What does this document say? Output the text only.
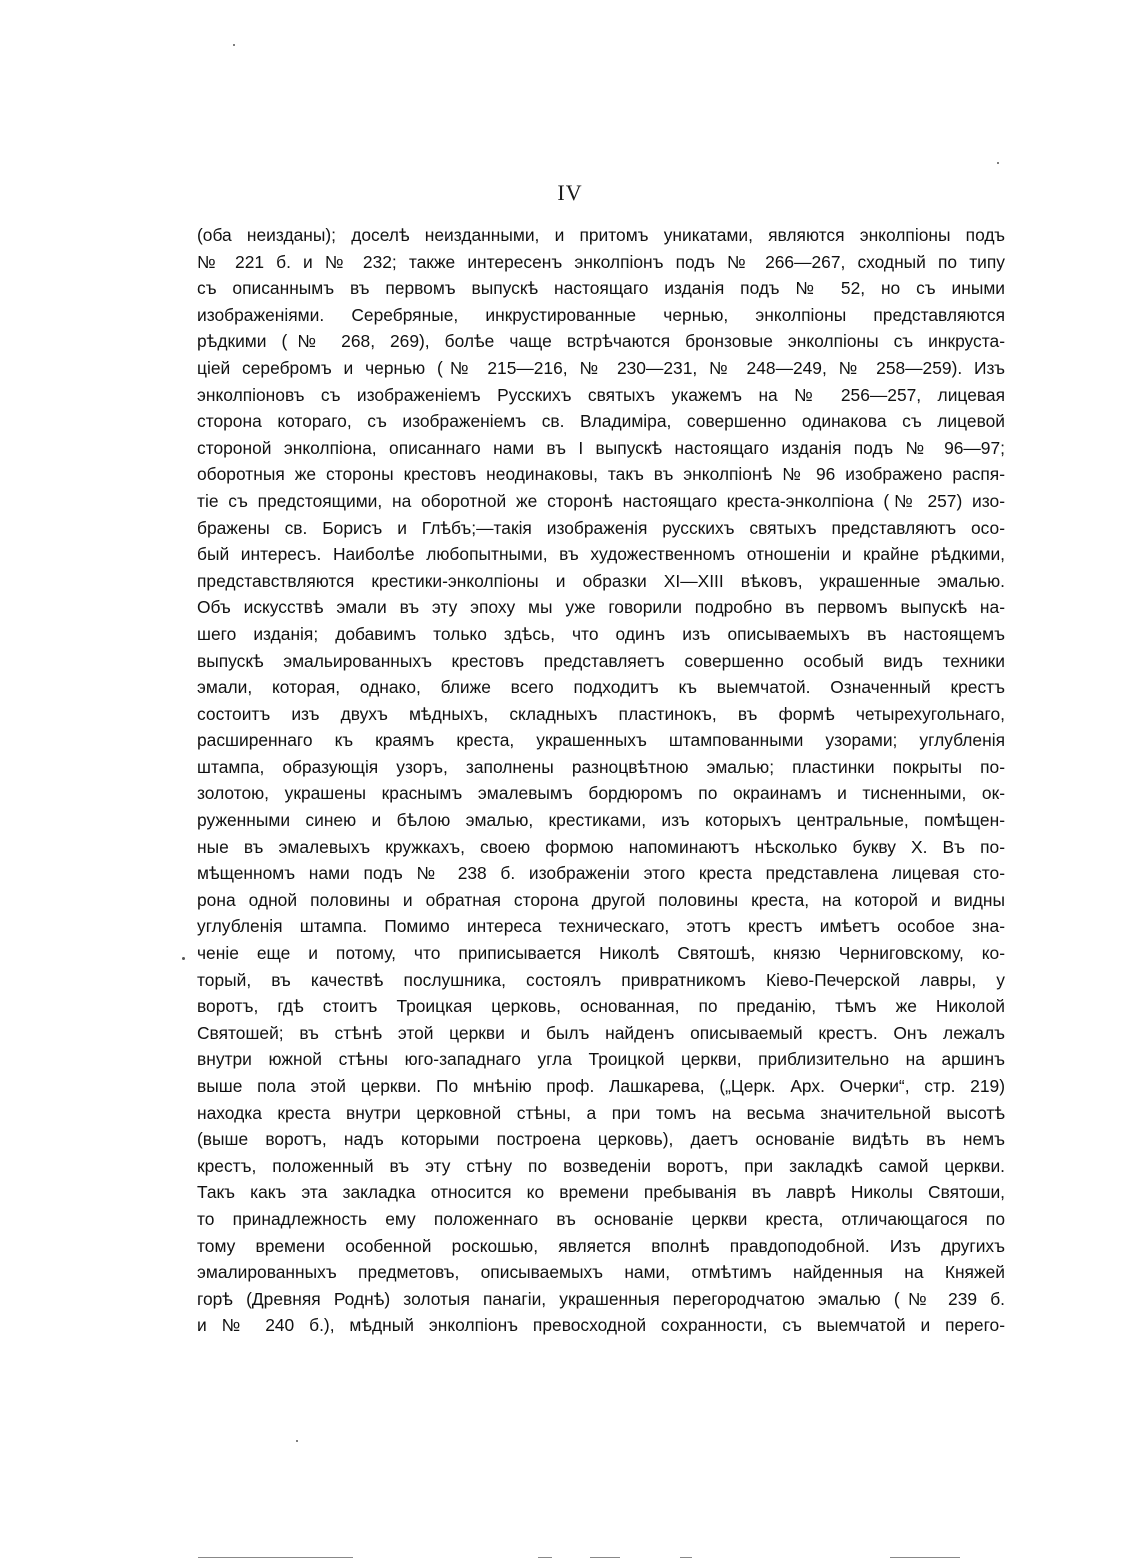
IV
(оба неизданы); доселѣ неизданными, и притомъ уникатами, являются энколпіоны подъ
№ 221 б. и № 232; также интересенъ энколпіонъ подъ № 266—267, сходный по типу
съ описаннымъ въ первомъ выпускѣ настоящаго изданія подъ № 52, но съ иными
изображеніями. Серебряные, инкрустированные чернью, энколпіоны представляются
рѣдкими (№ 268, 269), болѣе чаще встрѣчаются бронзовые энколпіоны съ инкруста-
ціей серебромъ и чернью (№ 215—216, № 230—231, № 248—249, № 258—259). Изъ
энколпіоновъ съ изображеніемъ Русскихъ святыхъ укажемъ на № 256—257, лицевая
сторона котораго, съ изображеніемъ св. Владиміра, совершенно одинакова съ лицевой
стороной энколпіона, описаннаго нами въ I выпускѣ настоящаго изданія подъ № 96—97;
оборотныя же стороны крестовъ неодинаковы, такъ въ энколпіонѣ № 96 изображено распя-
тіе съ предстоящими, на оборотной же сторонѣ настоящаго креста-энколпіона (№ 257) изо-
бражены св. Борисъ и Глѣбъ;—такія изображенія русскихъ святыхъ представляютъ осо-
бый интересъ. Наиболѣе любопытными, въ художественномъ отношеніи и крайне рѣдкими,
представствляются крестики-энколпіоны и образки XI—XIII вѣковъ, украшенные эмалью.
Объ искусствѣ эмали въ эту эпоху мы уже говорили подробно въ первомъ выпускѣ на-
шего изданія; добавимъ только здѣсь, что одинъ изъ описываемыхъ въ настоящемъ
выпускѣ эмальированныхъ крестовъ представляетъ совершенно особый видъ техники
эмали, которая, однако, ближе всего подходитъ къ выемчатой. Означенный крестъ
состоитъ изъ двухъ мѣдныхъ, складныхъ пластинокъ, въ формѣ четырехугольнаго,
расширеннаго къ краямъ креста, украшенныхъ штампованными узорами; углубленія
штампа, образующія узоръ, заполнены разноцвѣтною эмалью; пластинки покрыты по-
золотою, украшены краснымъ эмалевымъ бордюромъ по окраинамъ и тисненными, ок-
руженными синею и бѣлою эмалью, крестиками, изъ которыхъ центральные, помѣщен-
ные въ эмалевыхъ кружкахъ, своею формою напоминаютъ нѣсколько букву X. Въ по-
мѣщенномъ нами подъ № 238 б. изображеніи этого креста представлена лицевая сто-
рона одной половины и обратная сторона другой половины креста, на которой и видны
углубленія штампа. Помимо интереса техническаго, этотъ крестъ имѣетъ особое зна-
ченіе еще и потому, что приписывается Николѣ Святошѣ, князю Черниговскому, ко-
торый, въ качествѣ послушника, состоялъ привратникомъ Кіево-Печерской лавры, у
воротъ, гдѣ стоитъ Троицкая церковь, основанная, по преданію, тѣмъ же Николой
Святошей; въ стѣнѣ этой церкви и былъ найденъ описываемый крестъ. Онъ лежалъ
внутри южной стѣны юго-западнаго угла Троицкой церкви, приблизительно на аршинъ
выше пола этой церкви. По мнѣнію проф. Лашкарева, („Церк. Арх. Очерки“, стр. 219)
находка креста внутри церковной стѣны, а при томъ на весьма значительной высотѣ
(выше воротъ, надъ которыми построена церковь), даетъ основаніе видѣть въ немъ
крестъ, положенный въ эту стѣну по возведеніи воротъ, при закладкѣ самой церкви.
Такъ какъ эта закладка относится ко времени пребыванія въ лаврѣ Николы Святоши,
то принадлежность ему положеннаго въ основаніе церкви креста, отличающагося по
тому времени особенной роскошью, является вполнѣ правдоподобной. Изъ другихъ
эмалированныхъ предметовъ, описываемыхъ нами, отмѣтимъ найденныя на Княжей
горѣ (Древняя Роднѣ) золотыя панагіи, украшенныя перегородчатою эмалью (№ 239 б.
и № 240 б.), мѣдный энколпіонъ превосходной сохранности, съ выемчатой и перего-
